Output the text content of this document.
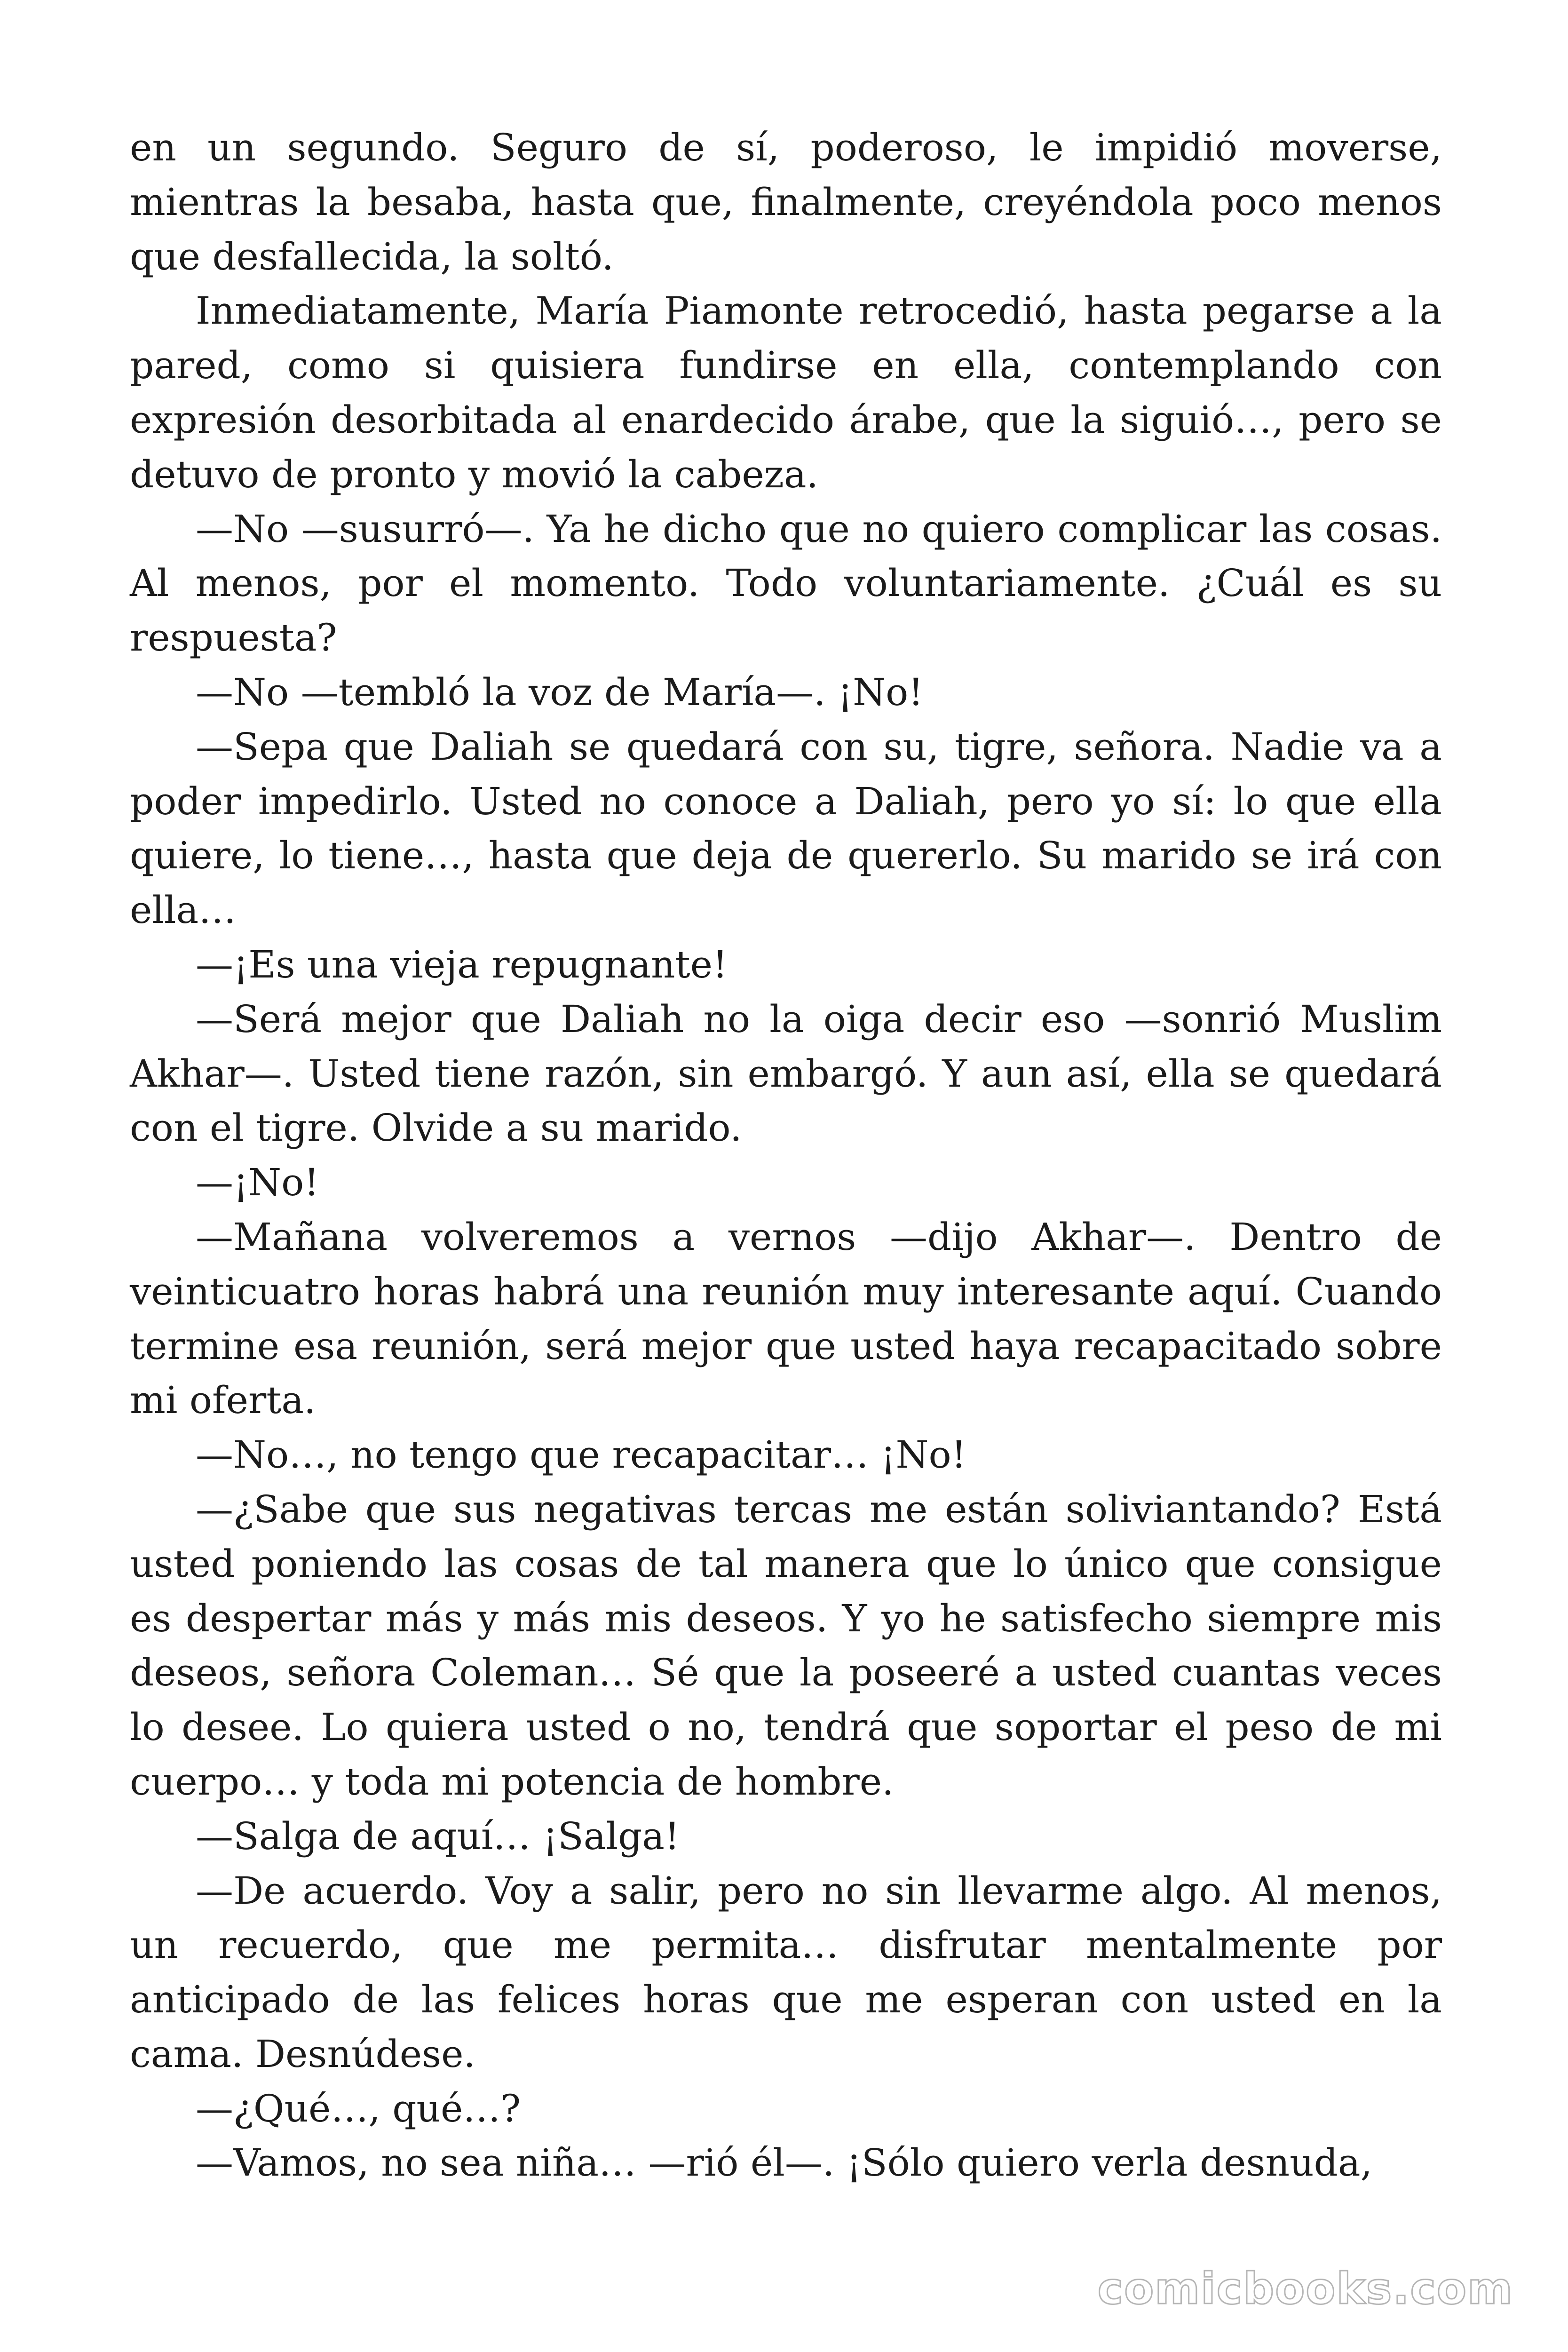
en un segundo. Seguro de sí, poderoso, le impidió moverse, mientras la besaba, hasta que, finalmente, creyéndola poco menos que desfallecida, la soltó.

Inmediatamente, María Piamonte retrocedió, hasta pegarse a la pared, como si quisiera fundirse en ella, contemplando con expresión desorbitada al enardecido árabe, que la siguió…, pero se detuvo de pronto y movió la cabeza.

—No —susurró—. Ya he dicho que no quiero complicar las cosas. Al menos, por el momento. Todo voluntariamente. ¿Cuál es su respuesta?

—No —tembló la voz de María—. ¡No!

—Sepa que Daliah se quedará con su, tigre, señora. Nadie va a poder impedirlo. Usted no conoce a Daliah, pero yo sí: lo que ella quiere, lo tiene…, hasta que deja de quererlo. Su marido se irá con ella…

—¡Es una vieja repugnante!

—Será mejor que Daliah no la oiga decir eso —sonrió Muslim Akhar—. Usted tiene razón, sin embargó. Y aun así, ella se quedará con el tigre. Olvide a su marido.

—¡No!

—Mañana volveremos a vernos —dijo Akhar—. Dentro de veinticuatro horas habrá una reunión muy interesante aquí. Cuando termine esa reunión, será mejor que usted haya recapacitado sobre mi oferta.

—No…, no tengo que recapacitar… ¡No!

—¿Sabe que sus negativas tercas me están soliviantando? Está usted poniendo las cosas de tal manera que lo único que consigue es despertar más y más mis deseos. Y yo he satisfecho siempre mis deseos, señora Coleman… Sé que la poseeré a usted cuantas veces lo desee. Lo quiera usted o no, tendrá que soportar el peso de mi cuerpo… y toda mi potencia de hombre.

—Salga de aquí… ¡Salga!

—De acuerdo. Voy a salir, pero no sin llevarme algo. Al menos, un recuerdo, que me permita… disfrutar mentalmente por anticipado de las felices horas que me esperan con usted en la cama. Desnúdese.

—¿Qué…, qué…?

—Vamos, no sea niña… —rió él—. ¡Sólo quiero verla desnuda,

comicbooks.com
